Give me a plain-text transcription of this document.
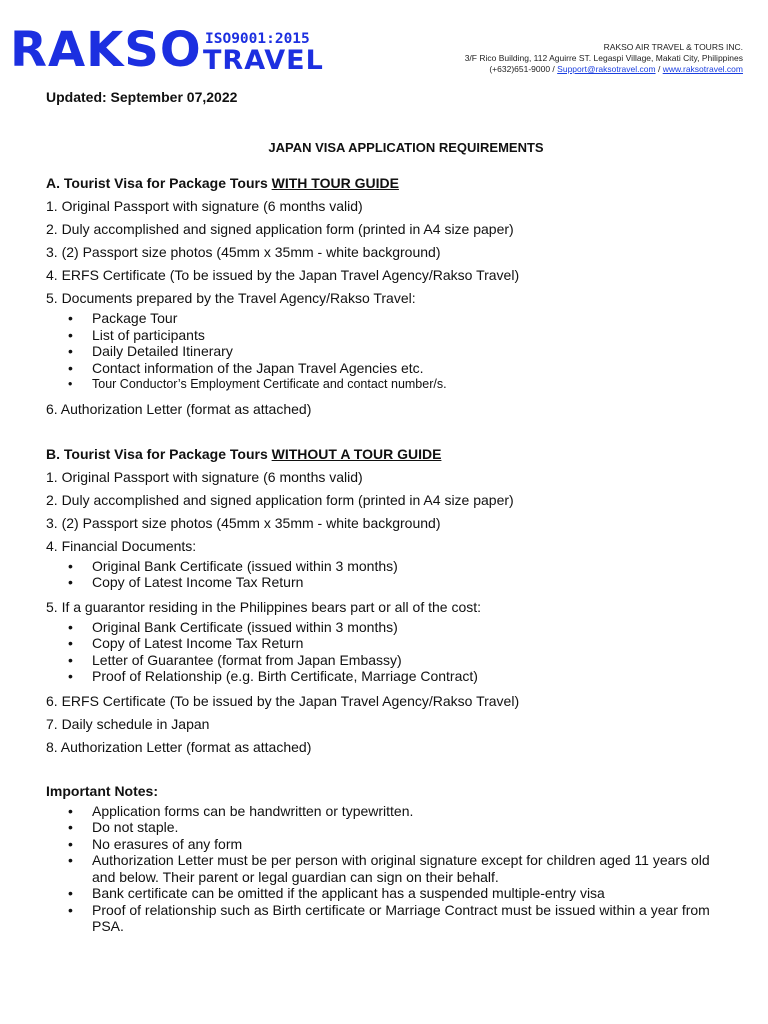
RAKSO ISO9001:2015
TRAVEL	RAKSO AIR TRAVEL & TOURS INC.
3/F Rico Building, 112 Aguirre ST. Legaspi Village, Makati City, Philippines
(+632)651-9000 / Support@raksotravel.com / www.raksotravel.com
Updated: September 07,2022
JAPAN VISA APPLICATION REQUIREMENTS
A. Tourist Visa for Package Tours WITH TOUR GUIDE
1. Original Passport with signature (6 months valid)
2. Duly accomplished and signed application form (printed in A4 size paper)
3. (2) Passport size photos (45mm x 35mm - white background)
4. ERFS Certificate (To be issued by the Japan Travel Agency/Rakso Travel)
5. Documents prepared by the Travel Agency/Rakso Travel:
• Package Tour
• List of participants
• Daily Detailed Itinerary
• Contact information of the Japan Travel Agencies etc.
• Tour Conductor’s Employment Certificate and contact number/s.
6. Authorization Letter (format as attached)
B. Tourist Visa for Package Tours WITHOUT A TOUR GUIDE
1. Original Passport with signature (6 months valid)
2. Duly accomplished and signed application form (printed in A4 size paper)
3. (2) Passport size photos (45mm x 35mm - white background)
4. Financial Documents:
• Original Bank Certificate (issued within 3 months)
• Copy of Latest Income Tax Return
5. If a guarantor residing in the Philippines bears part or all of the cost:
• Original Bank Certificate (issued within 3 months)
• Copy of Latest Income Tax Return
• Letter of Guarantee (format from Japan Embassy)
• Proof of Relationship (e.g. Birth Certificate, Marriage Contract)
6. ERFS Certificate (To be issued by the Japan Travel Agency/Rakso Travel)
7. Daily schedule in Japan
8. Authorization Letter (format as attached)
Important Notes:
• Application forms can be handwritten or typewritten.
• Do not staple.
• No erasures of any form
• Authorization Letter must be per person with original signature except for children aged 11 years old and below. Their parent or legal guardian can sign on their behalf.
• Bank certificate can be omitted if the applicant has a suspended multiple-entry visa
• Proof of relationship such as Birth certificate or Marriage Contract must be issued within a year from PSA.
